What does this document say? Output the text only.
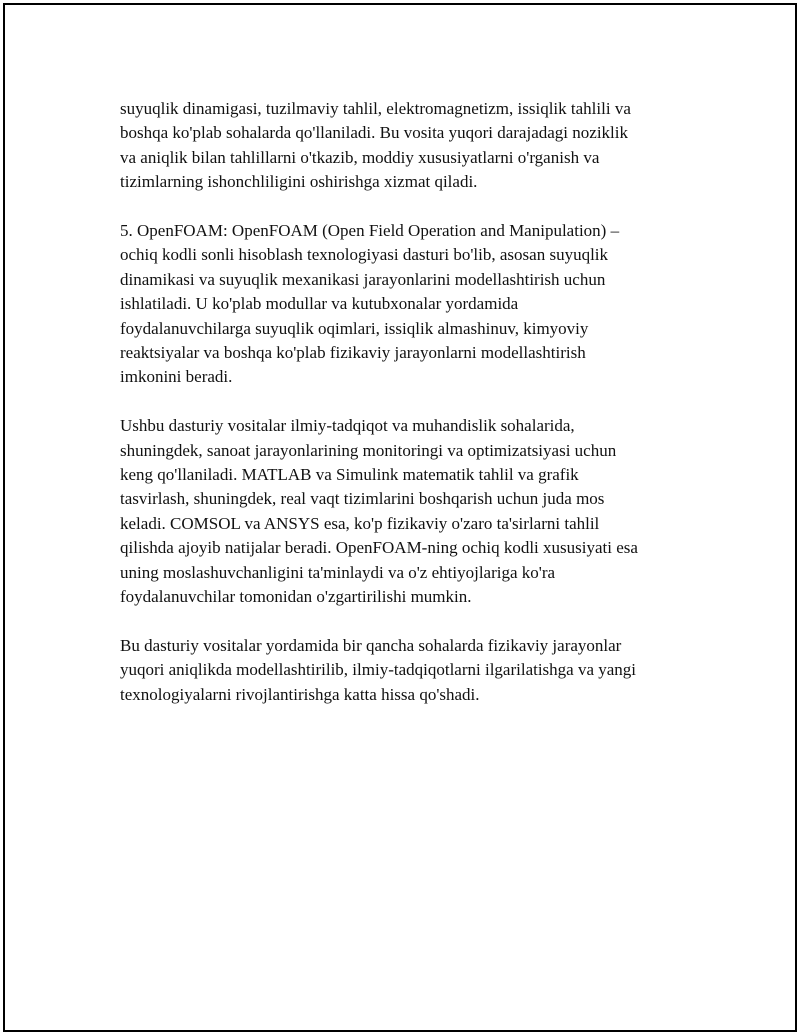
suyuqlik dinamigasi, tuzilmaviy tahlil, elektromagnetizm, issiqlik tahlili va
boshqa ko'plab sohalarda qo'llaniladi. Bu vosita yuqori darajadagi noziklik
va aniqlik bilan tahlillarni o'tkazib, moddiy xususiyatlarni o'rganish va
tizimlarning ishonchliligini oshirishga xizmat qiladi.

5. OpenFOAM: OpenFOAM (Open Field Operation and Manipulation) –
ochiq kodli sonli hisoblash texnologiyasi dasturi bo'lib, asosan suyuqlik
dinamikasi va suyuqlik mexanikasi jarayonlarini modellashtirish uchun
ishlatiladi. U ko'plab modullar va kutubxonalar yordamida
foydalanuvchilarga suyuqlik oqimlari, issiqlik almashinuv, kimyoviy
reaktsiyalar va boshqa ko'plab fizikaviy jarayonlarni modellashtirish
imkonini beradi.

Ushbu dasturiy vositalar ilmiy-tadqiqot va muhandislik sohalarida,
shuningdek, sanoat jarayonlarining monitoringi va optimizatsiyasi uchun
keng qo'llaniladi. MATLAB va Simulink matematik tahlil va grafik
tasvirlash, shuningdek, real vaqt tizimlarini boshqarish uchun juda mos
keladi. COMSOL va ANSYS esa, ko'p fizikaviy o'zaro ta'sirlarni tahlil
qilishda ajoyib natijalar beradi. OpenFOAM-ning ochiq kodli xususiyati esa
uning moslashuvchanligini ta'minlaydi va o'z ehtiyojlariga ko'ra
foydalanuvchilar tomonidan o'zgartirilishi mumkin.

Bu dasturiy vositalar yordamida bir qancha sohalarda fizikaviy jarayonlar
yuqori aniqlikda modellashtirilib, ilmiy-tadqiqotlarni ilgarilatishga va yangi
texnologiyalarni rivojlantirishga katta hissa qo'shadi.
